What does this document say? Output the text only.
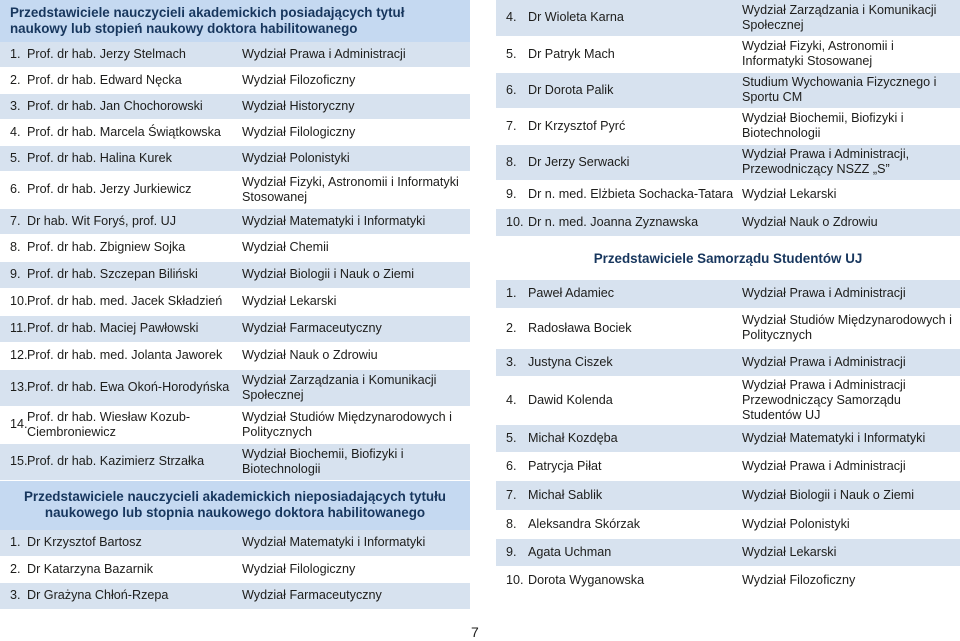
Przedstawiciele nauczycieli akademickich posiadających tytuł naukowy lub stopień naukowy doktora habilitowanego		
1.	Prof. dr hab. Jerzy Stelmach	Wydział Prawa i Administracji
2.	Prof. dr hab. Edward Nęcka	Wydział Filozoficzny
3.	Prof. dr hab. Jan Chochorowski	Wydział Historyczny
4.	Prof. dr hab. Marcela Świątkowska	Wydział Filologiczny
5.	Prof. dr hab. Halina Kurek	Wydział Polonistyki
6.	Prof. dr hab. Jerzy Jurkiewicz	Wydział Fizyki, Astronomii i Informatyki Stosowanej
7.	Dr hab. Wit Foryś, prof. UJ	Wydział Matematyki i Informatyki
8.	Prof. dr hab. Zbigniew Sojka	Wydział Chemii
9.	Prof. dr hab. Szczepan Biliński	Wydział Biologii i Nauk o Ziemi
10.	Prof. dr hab. med. Jacek Składzień	Wydział Lekarski
11.	Prof. dr hab. Maciej Pawłowski	Wydział Farmaceutyczny
12.	Prof. dr hab. med. Jolanta Jaworek	Wydział Nauk o Zdrowiu
13.	Prof. dr hab. Ewa Okoń-Horodyńska	Wydział Zarządzania i Komunikacji Społecznej
14.	Prof. dr hab. Wiesław Kozub-Ciembroniewicz	Wydział Studiów Międzynarodowych i Politycznych
15.	Prof. dr hab. Kazimierz Strzałka	Wydział Biochemii, Biofizyki i Biotechnologii
Przedstawiciele nauczycieli akademickich nieposiadających tytułu naukowego lub stopnia naukowego doktora habilitowanego		
1.	Dr Krzysztof Bartosz	Wydział Matematyki i Informatyki
2.	Dr Katarzyna Bazarnik	Wydział Filologiczny
3.	Dr Grażyna Chłoń-Rzepa	Wydział Farmaceutyczny
4.	Dr Wioleta Karna	Wydział Zarządzania i Komunikacji Społecznej
5.	Dr Patryk Mach	Wydział Fizyki, Astronomii i Informatyki Stosowanej
6.	Dr Dorota Palik	Studium Wychowania Fizycznego i Sportu CM
7.	Dr Krzysztof Pyrć	Wydział Biochemii, Biofizyki i Biotechnologii
8.	Dr Jerzy Serwacki	Wydział Prawa i Administracji, Przewodniczący NSZZ „S”
9.	Dr n. med. Elżbieta Sochacka-Tatara	Wydział Lekarski
10.	Dr n. med. Joanna Zyznawska	Wydział Nauk o Zdrowiu
Przedstawiciele Samorządu Studentów UJ		
1.	Paweł Adamiec	Wydział Prawa i Administracji
2.	Radosława Bociek	Wydział Studiów Międzynarodowych i Politycznych
3.	Justyna Ciszek	Wydział Prawa i Administracji
4.	Dawid Kolenda	Wydział Prawa i Administracji Przewodniczący Samorządu Studentów UJ
5.	Michał Kozdęba	Wydział Matematyki i Informatyki
6.	Patrycja Piłat	Wydział Prawa i Administracji
7.	Michał Sablik	Wydział Biologii i Nauk o Ziemi
8.	Aleksandra Skórzak	Wydział Polonistyki
9.	Agata Uchman	Wydział Lekarski
10.	Dorota Wyganowska	Wydział Filozoficzny
7
